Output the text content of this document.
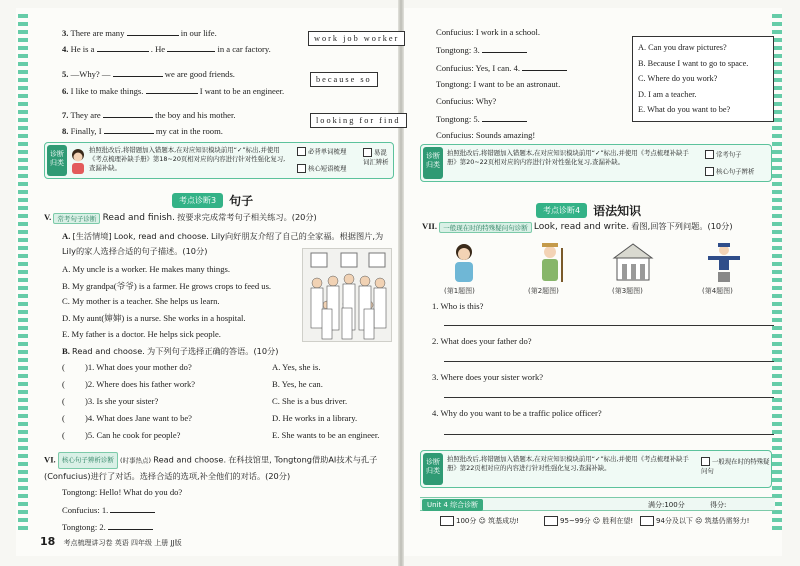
3. There are many	in our life.
4. He is a	. He	in a car factory.
work job worker
5. —Why? —	we are good friends.
6. I like to make things.	I want to be an engineer.
because so
7. They are	the boy and his mother.
8. Finally, I	my cat in the room.
looking for find
诊断 归类
拍照批改后,将错题加入错题本,在对应知识模块前用“✓”标出,并使用《考点梳理补缺手册》第18~20页相对应的内容进行针对性强化复习,查漏补缺。
必背单词梳理
核心短语梳理
易混词汇辨析
考点诊断3	句子
V. 常考句子诊断 Read and finish. 按要求完成常考句子相关练习。(20分)
A. [生活情境] Look, read and choose. Lily向好朋友介绍了自己的全家福。根据图片,为Lily的家人选择合适的句子描述。(10分)
A. My uncle is a worker. He makes many things.
B. My grandpa(爷爷) is a farmer. He grows crops to feed us.
C. My mother is a teacher. She helps us learn.
D. My aunt(婶婶) is a nurse. She works in a hospital.
E. My father is a doctor. He helps sick people.
B. Read and choose. 为下列句子选择正确的答语。(10分)
( )1. What does your mother do?	A. Yes, she is.
( )2. Where does his father work?	B. Yes, he can.
( )3. Is she your sister?	C. She is a bus driver.
( )4. What does Jane want to be?	D. He works in a library.
( )5. Can he cook for people?	E. She wants to be an engineer.
VI. 核心句子辨析诊断 (时事热点) Read and choose. 在科技馆里, Tongtong借助AI技术与孔子(Confucius)进行了对话。选择合适的选项,补全他们的对话。(20分)
Tongtong: Hello! What do you do?
Confucius: 1.
Tongtong: 2.
18 考点梳理讲习卷 英语 四年级 上册 JJ版
Confucius: I work in a school.
Tongtong: 3.
Confucius: Yes, I can. 4.
Tongtong: I want to be an astronaut.
Confucius: Why?
Tongtong: 5.
Confucius: Sounds amazing!
A. Can you draw pictures?
B. Because I want to go to space.
C. Where do you work?
D. I am a teacher.
E. What do you want to be?
诊断 归类
拍照批改后,将错题加入错题本,在对应知识模块前用“✓”标出,并使用《考点梳理补缺手册》第20~22页相对应的内容进行针对性强化复习,查漏补缺。
常考句子
核心句子辨析
考点诊断4	语法知识
VII. 一般现在时的特殊疑问句诊断 Look, read and write. 看图,回答下列问题。(10分)
(第1题图)	(第2题图)	(第3题图)	(第4题图)
1. Who is this?
2. What does your father do?
3. Where does your sister work?
4. Why do you want to be a traffic police officer?
诊断 归类
拍照批改后,将错题加入错题本,在对应知识模块前用“✓”标出,并使用《考点梳理补缺手册》第22页相对应的内容进行针对性强化复习,查漏补缺。
一般现在时的特殊疑问句
Unit 4 综合诊断	满分:100分	得分:
100分 ☺ 筑基成功!	95~99分 ☺ 胜利在望!	94分及以下 ☹ 筑基仍需努力!
